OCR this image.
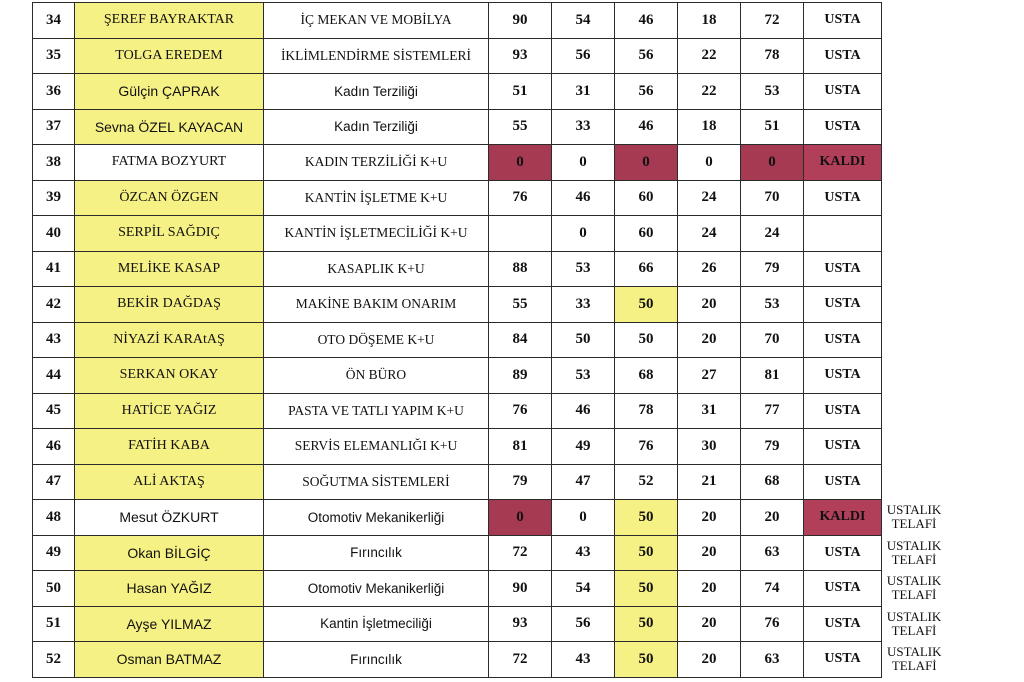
34	ŞEREF BAYRAKTAR	İÇ MEKAN VE MOBİLYA	90	54	46	18	72	USTA	
35	TOLGA EREDEM	İKLİMLENDİRME SİSTEMLERİ	93	56	56	22	78	USTA	
36	Gülçin ÇAPRAK	Kadın Terziliği	51	31	56	22	53	USTA	
37	Sevna ÖZEL KAYACAN	Kadın Terziliği	55	33	46	18	51	USTA	
38	FATMA BOZYURT	KADIN TERZİLİĞİ K+U	0	0	0	0	0	KALDI	
39	ÖZCAN ÖZGEN	KANTİN İŞLETME K+U	76	46	60	24	70	USTA	
40	SERPİL SAĞDIÇ	KANTİN İŞLETMECİLİĞİ K+U		0	60	24	24		
41	MELİKE KASAP	KASAPLIK K+U	88	53	66	26	79	USTA	
42	BEKİR DAĞDAŞ	MAKİNE BAKIM ONARIM	55	33	50	20	53	USTA	
43	NİYAZİ KARAtAŞ	OTO DÖŞEME K+U	84	50	50	20	70	USTA	
44	SERKAN OKAY	ÖN BÜRO	89	53	68	27	81	USTA	
45	HATİCE YAĞIZ	PASTA VE TATLI YAPIM K+U	76	46	78	31	77	USTA	
46	FATİH KABA	SERVİS ELEMANLIĞI K+U	81	49	76	30	79	USTA	
47	ALİ AKTAŞ	SOĞUTMA SİSTEMLERİ	79	47	52	21	68	USTA	
48	Mesut ÖZKURT	Otomotiv Mekanikerliği	0	0	50	20	20	KALDI	USTALIK
TELAFİ

49	Okan BİLGİÇ	Fırıncılık	72	43	50	20	63	USTA	USTALIK
TELAFİ

50	Hasan YAĞIZ	Otomotiv Mekanikerliği	90	54	50	20	74	USTA	USTALIK
TELAFİ

51	Ayşe YILMAZ	Kantin İşletmeciliği	93	56	50	20	76	USTA	USTALIK
TELAFİ

52	Osman BATMAZ	Fırıncılık	72	43	50	20	63	USTA	USTALIK
TELAFİ
